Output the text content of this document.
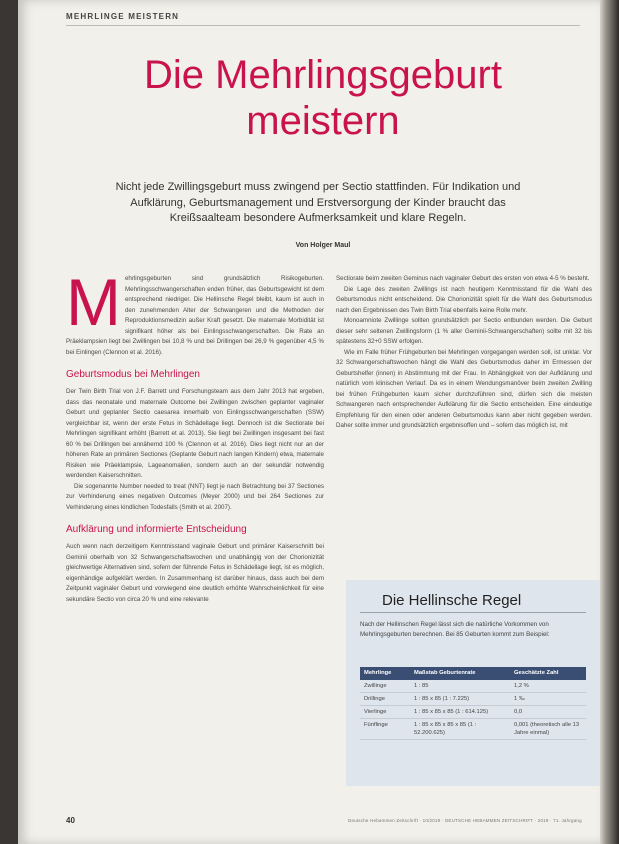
MEHRLINGE MEISTERN
Die Mehrlingsgeburt meistern

Nicht jede Zwillingsgeburt muss zwingend per Sectio stattfinden. Für Indikation und Aufklärung, Geburtsmanagement und Erstversorgung der Kinder braucht das Kreißsaalteam besondere Aufmerksamkeit und klare Regeln.

Von Holger Maul
M ehrlingsgeburten sind grundsätzlich Risikogeburten. Mehrlingsschwangerschaften enden früher, das Geburtsgewicht ist dem entsprechend niedriger. Die Hellinsche Regel bleibt, kaum ist auch in den zunehmenden Alter der Schwangeren und die Methoden der Reproduktionsmedizin außer Kraft gesetzt. Die maternale Morbidität ist signifikant höher als bei Einlingsschwangerschaften. Die Rate an Präeklampsien liegt bei Zwillingen bei 10,8 % und bei Drillingen bei 26,9 % gegenüber 4,5 % bei Einlingen (Clennon et al. 2016).

Geburtsmodus bei Mehrlingen

Der Twin Birth Trial von J.F. Barrett und Forschungsteam aus dem Jahr 2013 hat ergeben, dass das neonatale und maternale Outcome bei Zwillingen zwischen geplanter vaginaler Geburt und geplanter Sectio caesarea innerhalb von Einlingsschwangerschaften (SSW) vergleichbar ist, wenn der erste Fetus in Schädellage liegt. Dennoch ist die Sectiorate bei Mehrlingen signifikant erhöht (Barrett et al. 2013). Sie liegt bei Zwillingen insgesamt bei fast 60 % bei Drillingen bei annähernd 100 % (Clennon et al. 2016). Dies liegt nicht nur an der höheren Rate an primären Sectiones (Geplante Geburt nach langen Kindern) etwa, maternale Risiken wie Präeklampsie, Lageanomalien, sondern auch an der sekundär notwendig werdenden Kaiserschnitten.

Die sogenannte Number needed to treat (NNT) liegt je nach Betrachtung bei 37 Sectiones zur Verhinderung eines negativen Outcomes (Meyer 2000) und bei 264 Sectiones zur Verhinderung eines kindlichen Todesfalls (Smith et al. 2007).

Aufklärung und informierte Entscheidung

Auch wenn nach derzeitigem Kenntnisstand vaginale Geburt und primärer Kaiserschnitt bei Geminii oberhalb von 32 Schwangerschaftswochen und unabhängig von der Chorionizität gleichwertige Alternativen sind, sofern der führende Fetus in Schädellage liegt, ist es möglich, eigenhändige aufgeklärt werden. In Zusammenhang ist darüber hinaus, dass auch bei dem Zeitpunkt vaginaler Geburt und vorwiegend eine deutlich erhöhte Wahrscheinlichkeit für eine sekundäre Sectio von circa 20 % und eine relevante

Sectiorate beim zweiten Geminus nach vaginaler Geburt des ersten von etwa 4-5 % besteht.

Die Lage des zweiten Zwillings ist nach heutigem Kenntnisstand für die Wahl des Geburtsmodus nicht entscheidend. Die Chorionizität spielt für die Wahl des Geburtsmodus nach den Ergebnissen des Twin Birth Trial ebenfalls keine Rolle mehr.

Monoamniote Zwillinge sollten grundsätzlich per Sectio entbunden werden. Die Geburt dieser sehr seltenen Zwillingsform (1 % aller Geminii-Schwangerschaften) sollte mit 32 bis spätestens 32+0 SSW erfolgen.

Wie im Falle früher Frühgeburten bei Mehrlingen vorgegangen werden soll, ist unklar. Vor 32 Schwangerschaftswochen hängt die Wahl des Geburtsmodus daher im Ermessen der Geburtshelfer (innen) in Abstimmung mit der Frau. In Abhängigkeit von der Aufklärung und natürlich vom klinischen Verlauf. Da es in einem Wendungsmanöver beim zweiten Zwilling bei frühen Frühgeburten kaum sicher durchzuführen sind, dürfen sich die meisten Schwangeren nach entsprechender Aufklärung für die Sectio entscheiden. Eine eindeutige Empfehlung für den einen oder anderen Geburtsmodus kann aber nicht gegeben werden. Daher sollte immer und grundsätzlich ergebnisoffen und – sofern das möglich ist, mit

40	Deutsche Hebammen Zeitschrift · 10/2019 · DEUTSCHE HEBAMMEN ZEITSCHRIFT · 2019 · 71. Jahrgang
Die Hellinsche Regel

Nach der Hellinschen Regel lässt sich die natürliche Vorkommen von Mehrlingsgeburten berechnen. Bei 85 Geburten kommt zum Beispiel:

Mehrlinge	Maßstab Geburtenrate	Geschätzte Zahl
Zwillinge	1 : 85	1,2 %
Drillinge	1 : 85 x 85 (1 : 7.225)	1 ‰
Vierlinge	1 : 85 x 85 x 85 (1 : 614.125)	0,0
Fünflinge	1 : 85 x 85 x 85 x 85 (1 : 52.200.625)	0,001 (theoretisch alle 13 Jahre einmal)
